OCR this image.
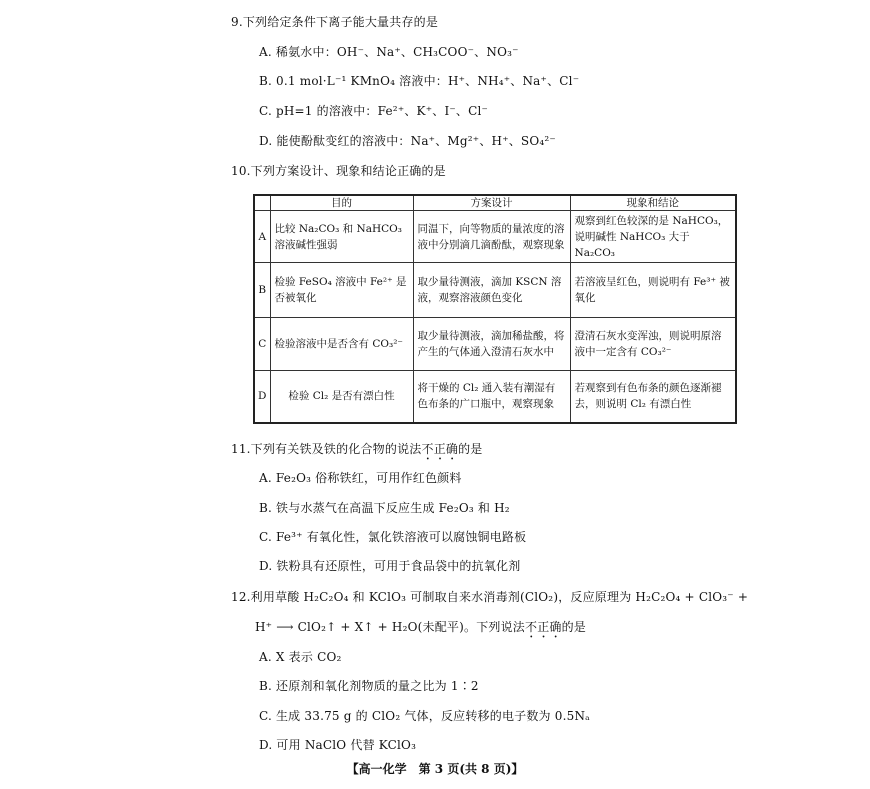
9.下列给定条件下离子能大量共存的是
A. 稀氨水中：OH⁻、Na⁺、CH₃COO⁻、NO₃⁻
B. 0.1 mol·L⁻¹ KMnO₄ 溶液中：H⁺、NH₄⁺、Na⁺、Cl⁻
C. pH=1 的溶液中：Fe²⁺、K⁺、I⁻、Cl⁻
D. 能使酚酞变红的溶液中：Na⁺、Mg²⁺、H⁺、SO₄²⁻
10.下列方案设计、现象和结论正确的是
	目的	方案设计	现象和结论
A	比较 Na₂CO₃ 和 NaHCO₃ 溶液碱性强弱	同温下，向等物质的量浓度的溶液中分别滴几滴酚酞，观察现象	观察到红色较深的是 NaHCO₃，说明碱性 NaHCO₃ 大于 Na₂CO₃
B	检验 FeSO₄ 溶液中 Fe²⁺ 是否被氧化	取少量待测液，滴加 KSCN 溶液，观察溶液颜色变化	若溶液呈红色，则说明有 Fe³⁺ 被氧化
C	检验溶液中是否含有 CO₃²⁻	取少量待测液，滴加稀盐酸，将产生的气体通入澄清石灰水中	澄清石灰水变浑浊，则说明原溶液中一定含有 CO₃²⁻
D	检验 Cl₂ 是否有漂白性	将干燥的 Cl₂ 通入装有潮湿有色布条的广口瓶中，观察现象	若观察到有色布条的颜色逐渐褪去，则说明 Cl₂ 有漂白性
11.下列有关铁及铁的化合物的说法不正确的是
A. Fe₂O₃ 俗称铁红，可用作红色颜料
B. 铁与水蒸气在高温下反应生成 Fe₂O₃ 和 H₂
C. Fe³⁺ 有氧化性，氯化铁溶液可以腐蚀铜电路板
D. 铁粉具有还原性，可用于食品袋中的抗氧化剂
12.利用草酸 H₂C₂O₄ 和 KClO₃ 可制取自来水消毒剂(ClO₂)，反应原理为 H₂C₂O₄ + ClO₃⁻ +
H⁺ ⟶ ClO₂↑ + X↑ + H₂O(未配平)。下列说法不正确的是
A. X 表示 CO₂
B. 还原剂和氧化剂物质的量之比为 1∶2
C. 生成 33.75 g 的 ClO₂ 气体，反应转移的电子数为 0.5Nₐ
D. 可用 NaClO 代替 KClO₃
【高一化学　第 3 页(共 8 页)】
